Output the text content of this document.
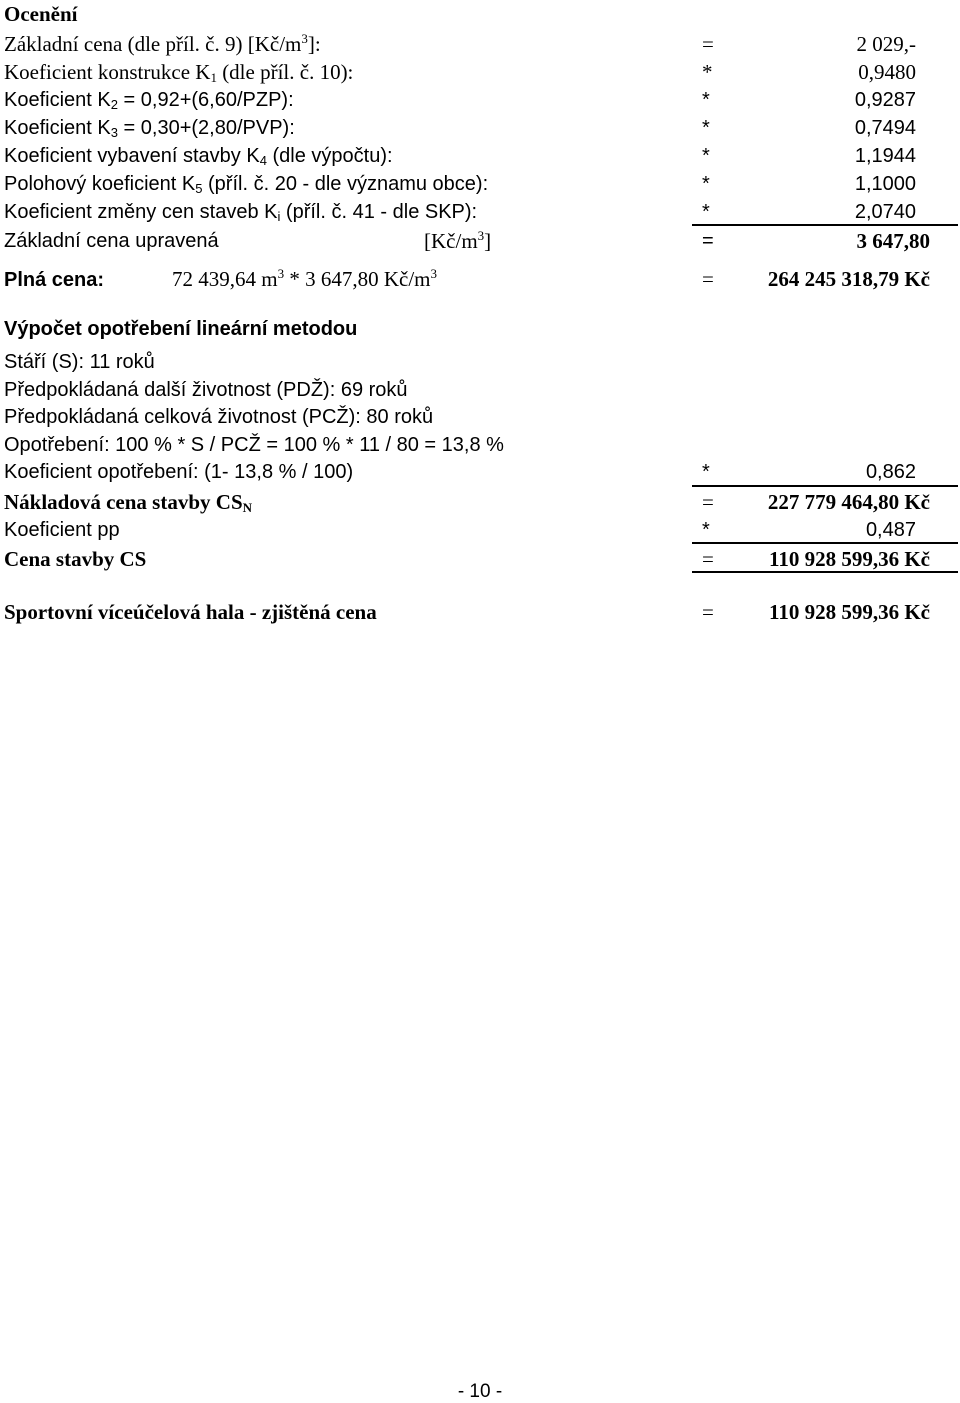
Ocenění
Základní cena (dle příl. č. 9) $[Kč/m^3]$:	=	2 029,-
Koeficient konstrukce $K_1$ (dle příl. č. 10):	*	0,9480
Koeficient $K_2 = 0,92+(6,60/PZP)$:	*	0,9287
Koeficient $K_3 = 0,30+(2,80/PVP)$:	*	0,7494
Koeficient vybavení stavby $K_4$ (dle výpočtu):	*	1,1944
Polohový koeficient $K_5$ (příl. č. 20 - dle významu obce):	*	1,1000
Koeficient změny cen staveb $K_i$ (příl. č. 41 - dle SKP):	*	2,0740
Základní cena upravená	$[Kč/m^3]$	=	3 647,80
Plná cena:	72 439,64 $m^3 * 3$ 647,80 $Kč/m^3$	=	264 245 318,79 Kč
Výpočet opotřebení lineární metodou
Stáří (S): 11 roků
Předpokládaná další životnost (PDŽ): 69 roků
Předpokládaná celková životnost (PCŽ): 80 roků
Opotřebení: 100 % * S / PCŽ = 100 % * 11 / 80 = 13,8 %
Koeficient opotřebení: (1- 13,8 % / 100)	*	0,862
Nákladová cena stavby $CS_N$	=	227 779 464,80 Kč
Koeficient pp	*	0,487
Cena stavby CS	=	110 928 599,36 Kč
Sportovní víceúčelová hala - zjištěná cena	=	110 928 599,36 Kč
- 10 -
